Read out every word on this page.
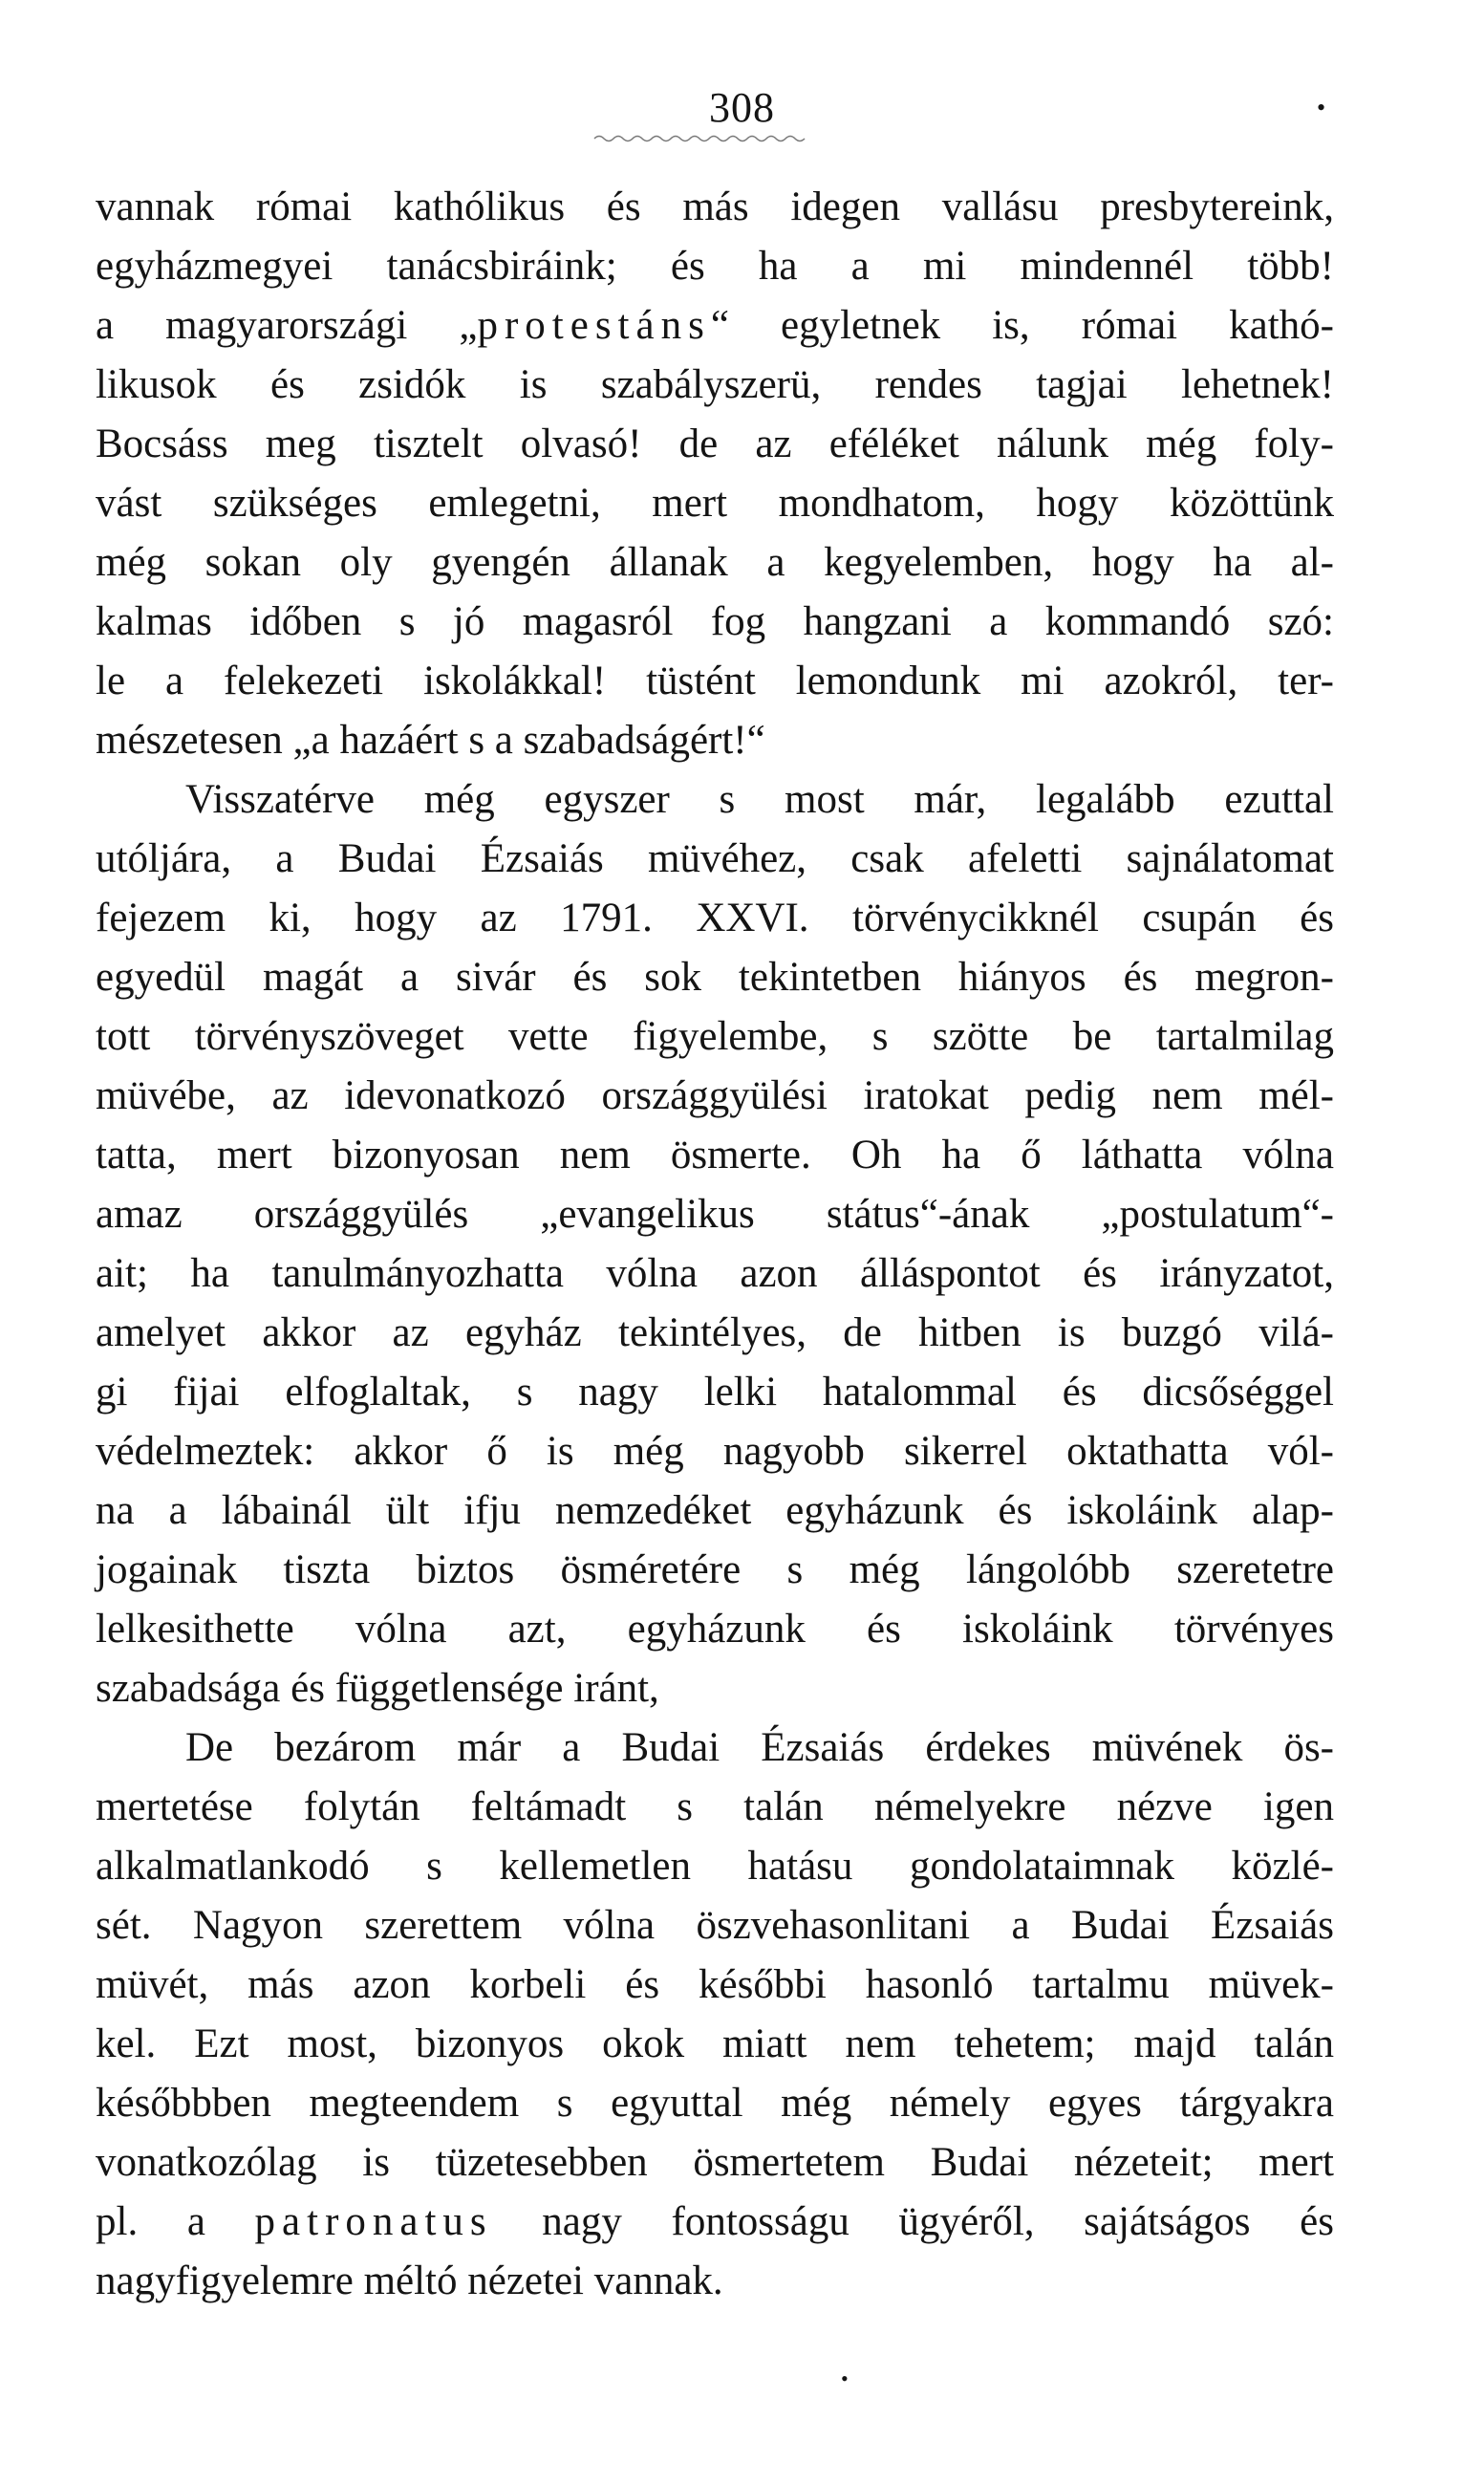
308	•
vannak római kathólikus és más idegen vallásu presbytereink,
egyházmegyei tanácsbiráink; és ha a mi mindennél több!
a magyarországi „protestáns“ egyletnek is, római kathó-
likusok és zsidók is szabályszerü, rendes tagjai lehetnek!
Bocsáss meg tisztelt olvasó! de az eféléket nálunk még foly-
vást szükséges emlegetni, mert mondhatom, hogy közöttünk
még sokan oly gyengén állanak a kegyelemben, hogy ha al-
kalmas időben s jó magasról fog hangzani a kommandó szó:
le a felekezeti iskolákkal! tüstént lemondunk mi azokról, ter-
mészetesen „a hazáért s a szabadságért!“
Visszatérve még egyszer s most már, legalább ezuttal
utóljára, a Budai Ézsaiás müvéhez, csak afeletti sajnálatomat
fejezem ki, hogy az 1791. XXVI. törvénycikknél csupán és
egyedül magát a sivár és sok tekintetben hiányos és megron-
tott törvényszöveget vette figyelembe, s szötte be tartalmilag
müvébe, az idevonatkozó országgyülési iratokat pedig nem mél-
tatta, mert bizonyosan nem ösmerte. Oh ha ő láthatta vólna
amaz országgyülés „evangelikus státus“-ának „postulatum“-
ait; ha tanulmányozhatta vólna azon álláspontot és irányzatot,
amelyet akkor az egyház tekintélyes, de hitben is buzgó vilá-
gi fijai elfoglaltak, s nagy lelki hatalommal és dicsőséggel
védelmeztek: akkor ő is még nagyobb sikerrel oktathatta vól-
na a lábainál ült ifju nemzedéket egyházunk és iskoláink alap-
jogainak tiszta biztos ösméretére s még lángolóbb szeretetre
lelkesithette vólna azt, egyházunk és iskoláink törvényes
szabadsága és függetlensége iránt,
De bezárom már a Budai Ézsaiás érdekes müvének ös-
mertetése folytán feltámadt s talán némelyekre nézve igen
alkalmatlankodó s kellemetlen hatásu gondolataimnak közlé-
sét. Nagyon szerettem vólna öszvehasonlitani a Budai Ézsaiás
müvét, más azon korbeli és későbbi hasonló tartalmu müvek-
kel. Ezt most, bizonyos okok miatt nem tehetem; majd talán
későbbben megteendem s egyuttal még némely egyes tárgyakra
vonatkozólag is tüzetesebben ösmertetem Budai nézeteit; mert
pl. a patronatus nagy fontosságu ügyéről, sajátságos és
nagyfigyelemre méltó nézetei vannak.
•
